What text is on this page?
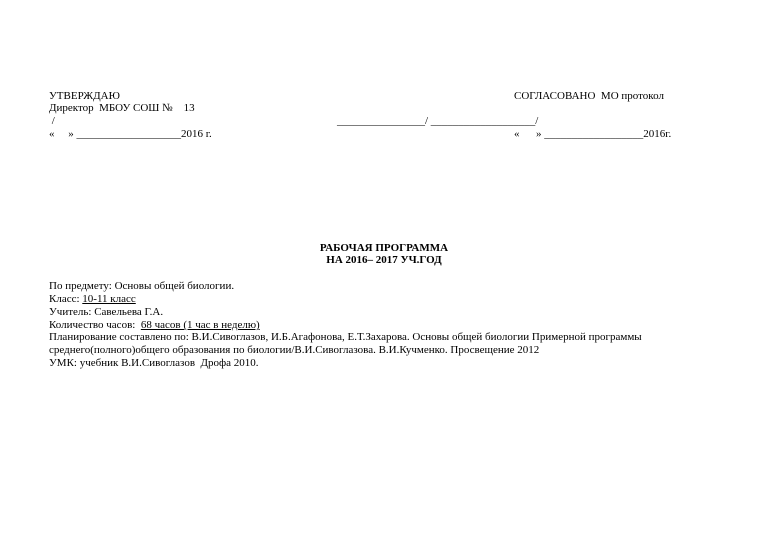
УТВЕРЖДАЮ
Директор  МБОУ СОШ №    13
/
«     » ___________________2016 г.
СОГЛАСОВАНО  МО протокол
________________/ ___________________/
«      » __________________2016г.
РАБОЧАЯ ПРОГРАММА
НА 2016– 2017 УЧ.ГОД
По предмету: Основы общей биологии.
Класс: 10-11 класс
Учитель: Савельева Г.А.
Количество часов:  68 часов (1 час в неделю)
Планирование составлено по: В.И.Сивоглазов, И.Б.Агафонова, Е.Т.Захарова. Основы общей биологии Примерной программы
среднего(полного)общего образования по биологии/В.И.Сивоглазова. В.И.Кучменко. Просвещение 2012
УМК: учебник В.И.Сивоглазов  Дрофа 2010.
